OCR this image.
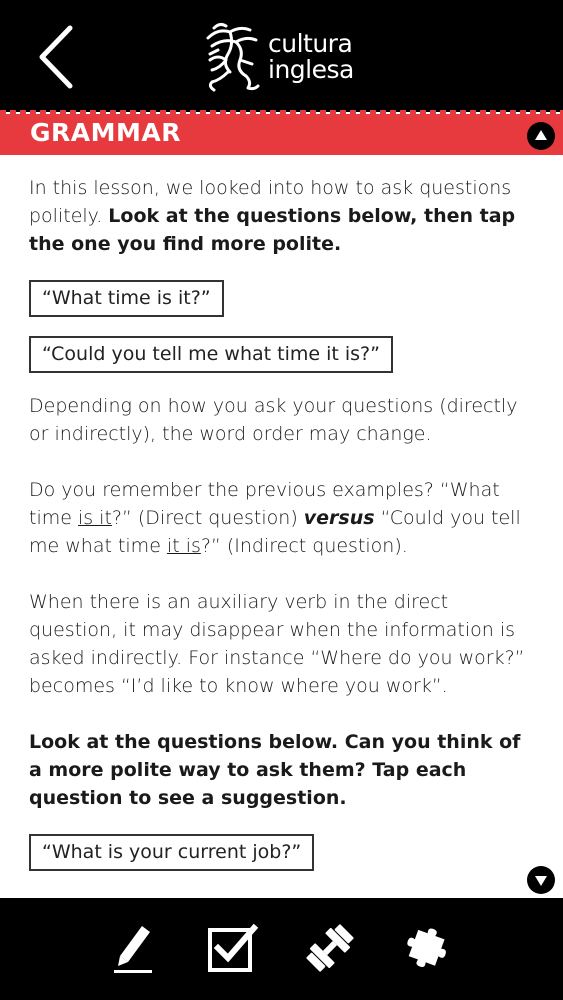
cultura
inglesa
GRAMMAR

In this lesson, we looked into how to ask questions politely. Look at the questions below, then tap the one you find more polite.

“What time is it?”
“Could you tell me what time it is?”

Depending on how you ask your questions (directly or indirectly), the word order may change.

Do you remember the previous examples? “What time is it?” (Direct question) versus “Could you tell me what time it is?” (Indirect question).

When there is an auxiliary verb in the direct question, it may disappear when the information is asked indirectly. For instance “Where do you work?” becomes “I’d like to know where you work”.

Look at the questions below. Can you think of a more polite way to ask them? Tap each question to see a suggestion.

“What is your current job?”
